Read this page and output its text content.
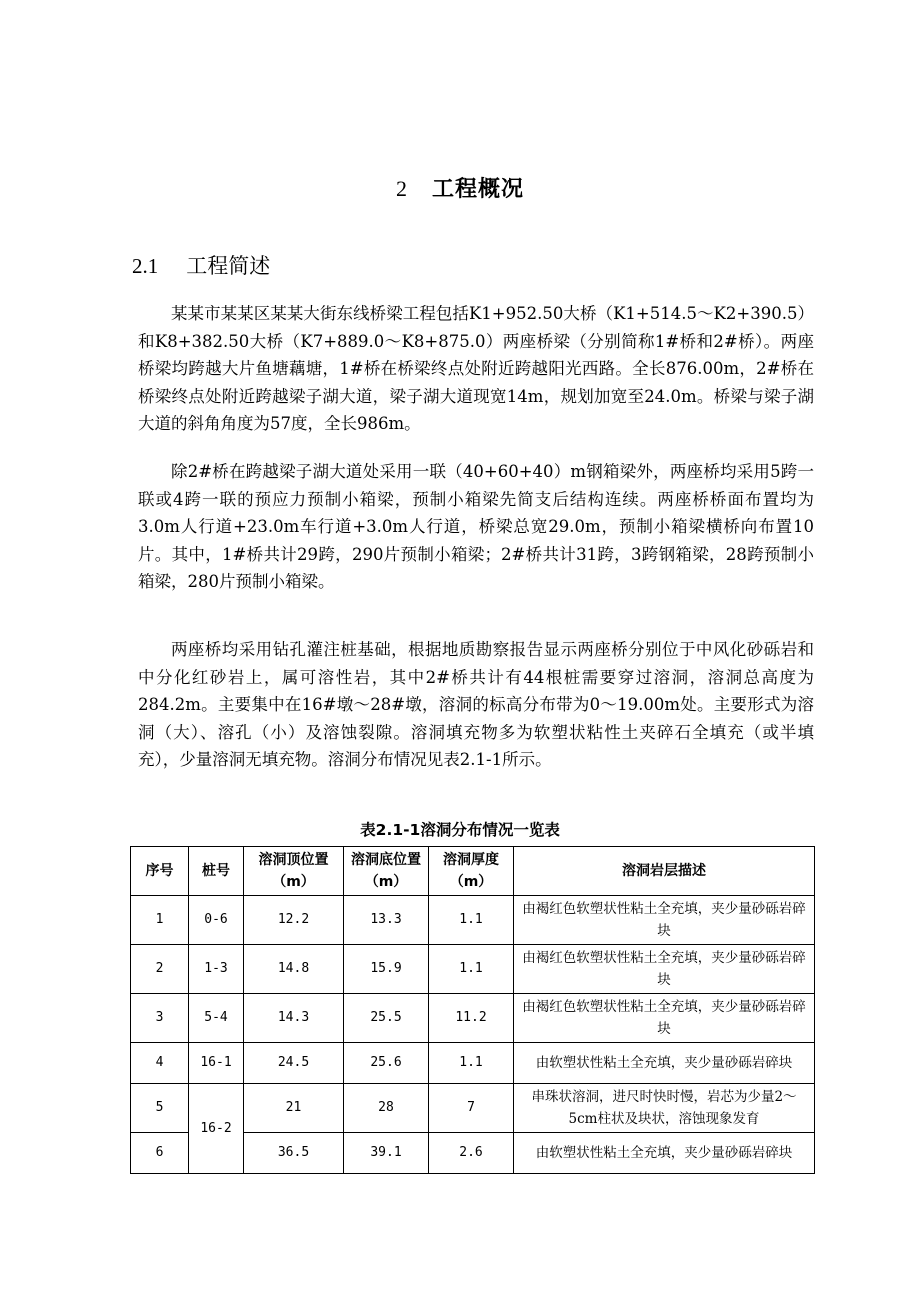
2 工程概况
2.1 工程简述

某某市某某区某某大街东线桥梁工程包括K1+952.50大桥（K1+514.5～K2+390.5）和K8+382.50大桥（K7+889.0～K8+875.0）两座桥梁（分别简称1#桥和2#桥）。两座桥梁均跨越大片鱼塘藕塘，1#桥在桥梁终点处附近跨越阳光西路。全长876.00m，2#桥在桥梁终点处附近跨越梁子湖大道，梁子湖大道现宽14m，规划加宽至24.0m。桥梁与梁子湖大道的斜角角度为57度，全长986m。

除2#桥在跨越梁子湖大道处采用一联（40+60+40）m钢箱梁外，两座桥均采用5跨一联或4跨一联的预应力预制小箱梁，预制小箱梁先简支后结构连续。两座桥桥面布置均为3.0m人行道+23.0m车行道+3.0m人行道，桥梁总宽29.0m，预制小箱梁横桥向布置10片。其中，1#桥共计29跨，290片预制小箱梁；2#桥共计31跨，3跨钢箱梁，28跨预制小箱梁，280片预制小箱梁。

两座桥均采用钻孔灌注桩基础，根据地质勘察报告显示两座桥分别位于中风化砂砾岩和中分化红砂岩上，属可溶性岩，其中2#桥共计有44根桩需要穿过溶洞，溶洞总高度为284.2m。主要集中在16#墩～28#墩，溶洞的标高分布带为0～19.00m处。主要形式为溶洞（大）、溶孔（小）及溶蚀裂隙。溶洞填充物多为软塑状粘性土夹碎石全填充（或半填充），少量溶洞无填充物。溶洞分布情况见表2.1-1所示。

表2.1-1溶洞分布情况一览表
序号	桩号	溶洞顶位置（m）	溶洞底位置（m）	溶洞厚度（m）	溶洞岩层描述
1	0-6	12.2	13.3	1.1	由褐红色软塑状性粘土全充填，夹少量砂砾岩碎块
2	1-3	14.8	15.9	1.1	由褐红色软塑状性粘土全充填，夹少量砂砾岩碎块
3	5-4	14.3	25.5	11.2	由褐红色软塑状性粘土全充填，夹少量砂砾岩碎块
4	16-1	24.5	25.6	1.1	由软塑状性粘土全充填，夹少量砂砾岩碎块
5	16-2	21	28	7	串珠状溶洞，进尺时快时慢，岩芯为少量2～5cm柱状及块状，溶蚀现象发育
6		36.5	39.1	2.6	由软塑状性粘土全充填，夹少量砂砾岩碎块
